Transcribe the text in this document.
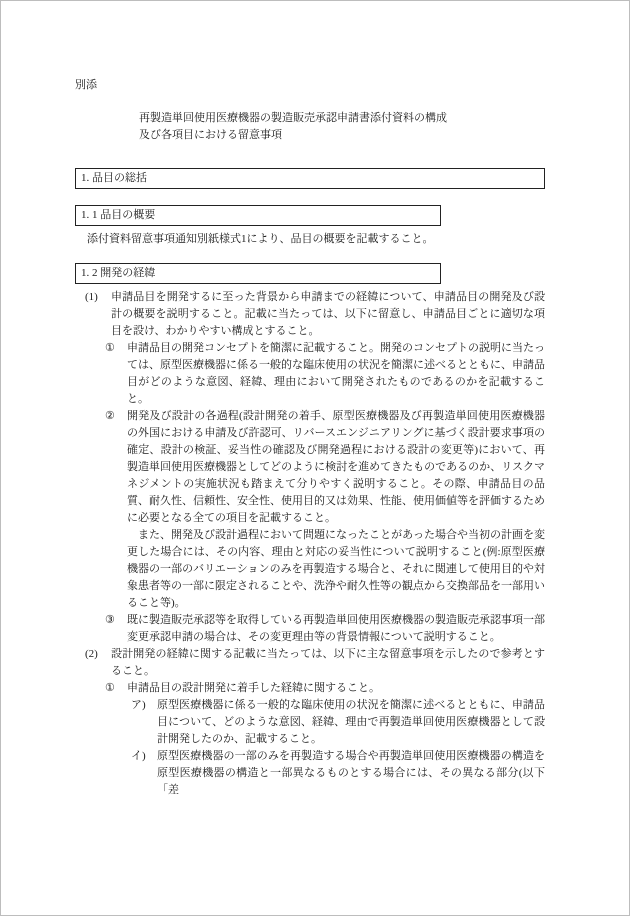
別添
再製造単回使用医療機器の製造販売承認申請書添付資料の構成
及び各項目における留意事項
1. 品目の総括
1. 1 品目の概要
添付資料留意事項通知別紙様式1により、品目の概要を記載すること。
1. 2 開発の経緯
(1)	申請品目を開発するに至った背景から申請までの経緯について、申請品目の開発及び設計の概要を説明すること。記載に当たっては、以下に留意し、申請品目ごとに適切な項目を設け、わかりやすい構成とすること。
①	申請品目の開発コンセプトを簡潔に記載すること。開発のコンセプトの説明に当たっては、原型医療機器に係る一般的な臨床使用の状況を簡潔に述べるとともに、申請品目がどのような意図、経緯、理由において開発されたものであるのかを記載すること。
②	開発及び設計の各過程(設計開発の着手、原型医療機器及び再製造単回使用医療機器の外国における申請及び許認可、リバースエンジニアリングに基づく設計要求事項の確定、設計の検証、妥当性の確認及び開発過程における設計の変更等)において、再製造単回使用医療機器としてどのように検討を進めてきたものであるのか、リスクマネジメントの実施状況も踏まえて分りやすく説明すること。その際、申請品目の品質、耐久性、信頼性、安全性、使用目的又は効果、性能、使用価値等を評価するために必要となる全ての項目を記載すること。
また、開発及び設計過程において問題になったことがあった場合や当初の計画を変更した場合には、その内容、理由と対応の妥当性について説明すること(例:原型医療機器の一部のバリエーションのみを再製造する場合と、それに関連して使用目的や対象患者等の一部に限定されることや、洗浄や耐久性等の観点から交換部品を一部用いること等)。
③	既に製造販売承認等を取得している再製造単回使用医療機器の製造販売承認事項一部変更承認申請の場合は、その変更理由等の背景情報について説明すること。
(2)	設計開発の経緯に関する記載に当たっては、以下に主な留意事項を示したので参考とすること。
①	申請品目の設計開発に着手した経緯に関すること。
ア)	原型医療機器に係る一般的な臨床使用の状況を簡潔に述べるとともに、申請品目について、どのような意図、経緯、理由で再製造単回使用医療機器として設計開発したのか、記載すること。
イ)	原型医療機器の一部のみを再製造する場合や再製造単回使用医療機器の構造を原型医療機器の構造と一部異なるものとする場合には、その異なる部分(以下「差
